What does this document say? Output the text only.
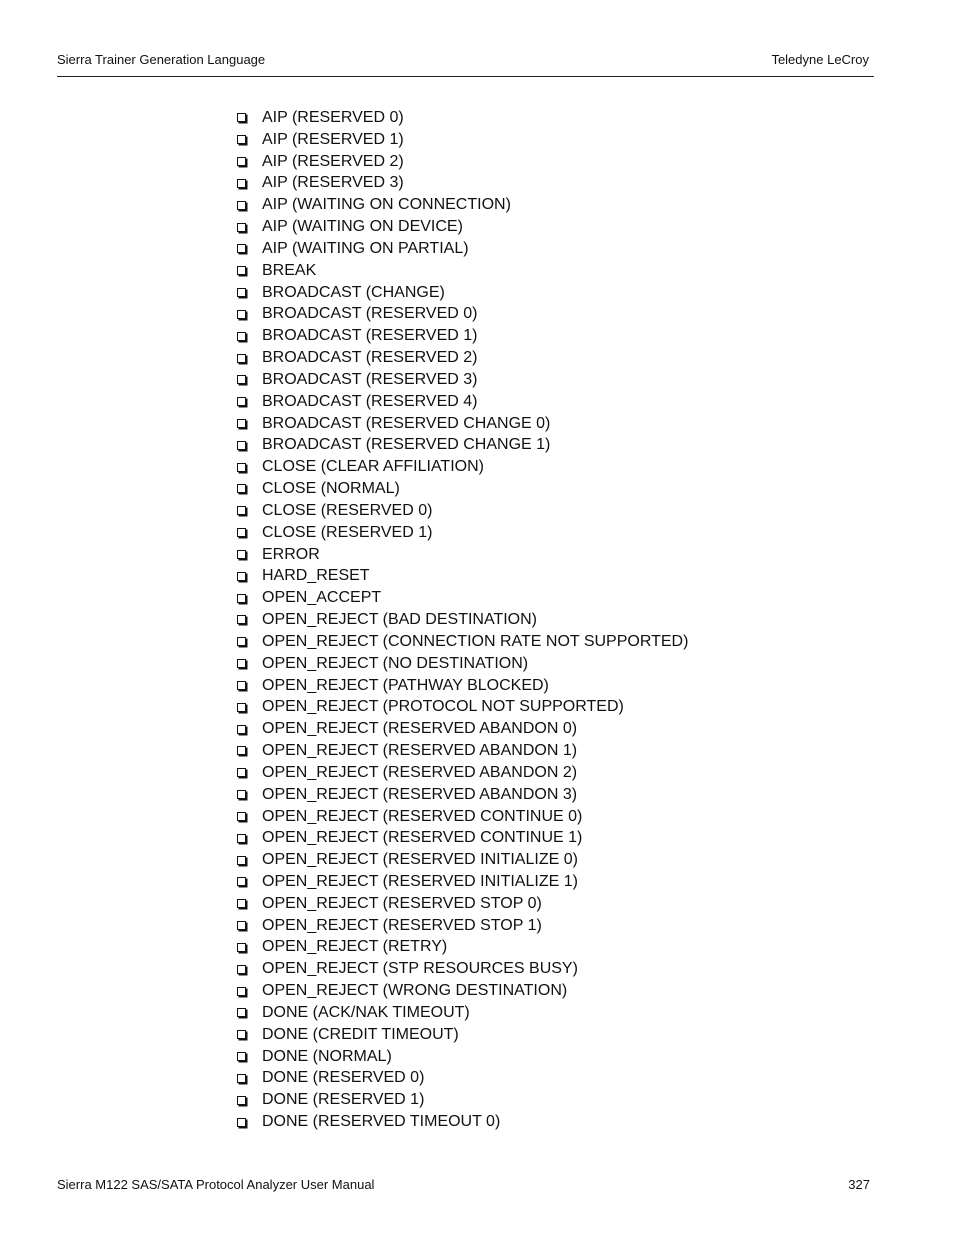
Sierra Trainer Generation Language	Teledyne LeCroy
AIP (RESERVED 0)
AIP (RESERVED 1)
AIP (RESERVED 2)
AIP (RESERVED 3)
AIP (WAITING ON CONNECTION)
AIP (WAITING ON DEVICE)
AIP (WAITING ON PARTIAL)
BREAK
BROADCAST (CHANGE)
BROADCAST (RESERVED 0)
BROADCAST (RESERVED 1)
BROADCAST (RESERVED 2)
BROADCAST (RESERVED 3)
BROADCAST (RESERVED 4)
BROADCAST (RESERVED CHANGE 0)
BROADCAST (RESERVED CHANGE 1)
CLOSE (CLEAR AFFILIATION)
CLOSE (NORMAL)
CLOSE (RESERVED 0)
CLOSE (RESERVED 1)
ERROR
HARD_RESET
OPEN_ACCEPT
OPEN_REJECT (BAD DESTINATION)
OPEN_REJECT (CONNECTION RATE NOT SUPPORTED)
OPEN_REJECT (NO DESTINATION)
OPEN_REJECT (PATHWAY BLOCKED)
OPEN_REJECT (PROTOCOL NOT SUPPORTED)
OPEN_REJECT (RESERVED ABANDON 0)
OPEN_REJECT (RESERVED ABANDON 1)
OPEN_REJECT (RESERVED ABANDON 2)
OPEN_REJECT (RESERVED ABANDON 3)
OPEN_REJECT (RESERVED CONTINUE 0)
OPEN_REJECT (RESERVED CONTINUE 1)
OPEN_REJECT (RESERVED INITIALIZE 0)
OPEN_REJECT (RESERVED INITIALIZE 1)
OPEN_REJECT (RESERVED STOP 0)
OPEN_REJECT (RESERVED STOP 1)
OPEN_REJECT (RETRY)
OPEN_REJECT (STP RESOURCES BUSY)
OPEN_REJECT (WRONG DESTINATION)
DONE (ACK/NAK TIMEOUT)
DONE (CREDIT TIMEOUT)
DONE (NORMAL)
DONE (RESERVED 0)
DONE (RESERVED 1)
DONE (RESERVED TIMEOUT 0)
Sierra M122 SAS/SATA Protocol Analyzer User Manual	327
